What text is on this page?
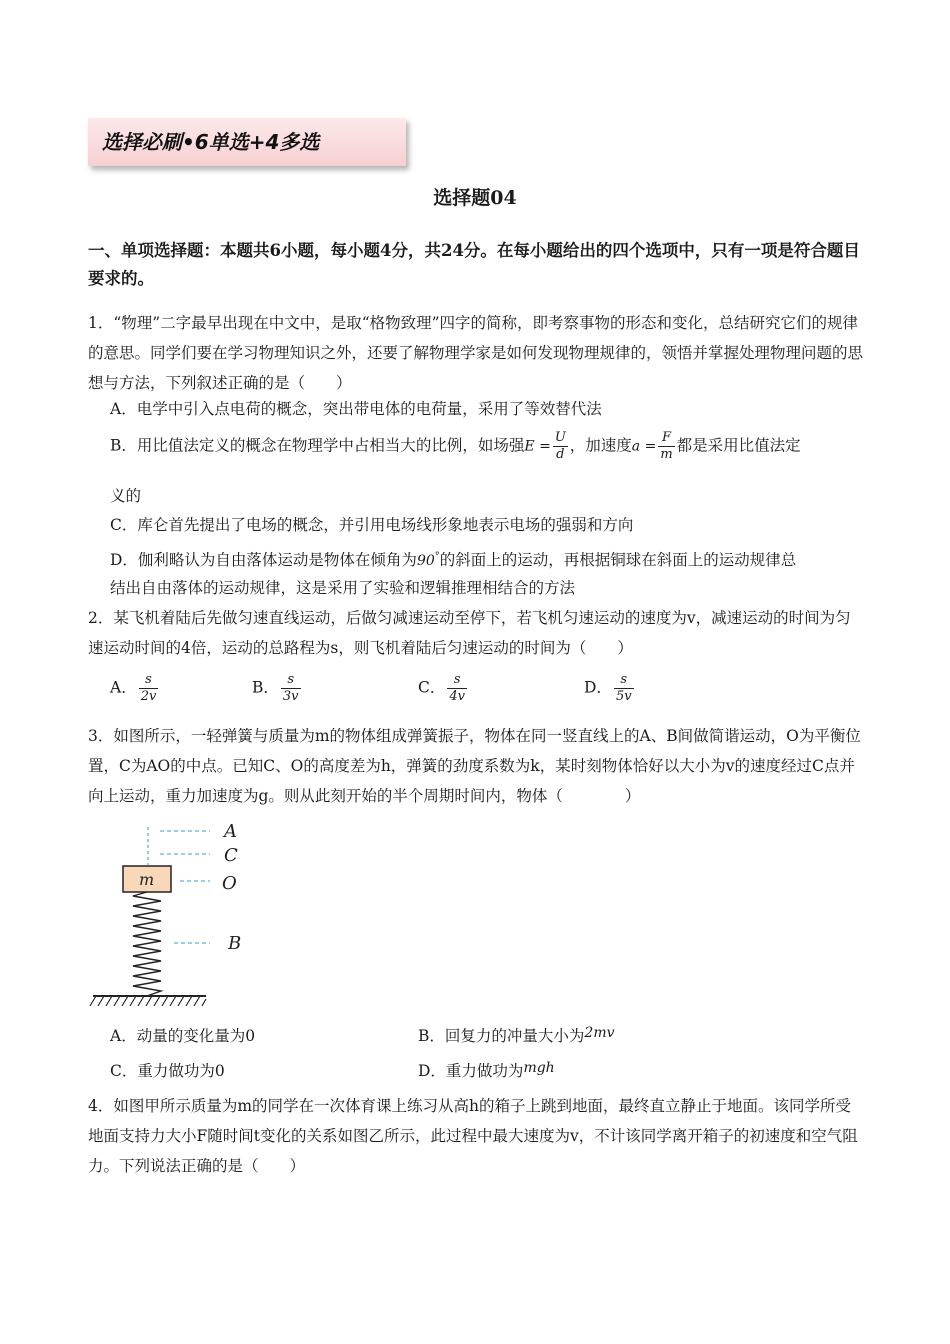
选择必刷•6单选+4多选
选择题04
一、单项选择题：本题共6小题，每小题4分，共24分。在每小题给出的四个选项中，只有一项是符合题目要求的。
1．“物理”二字最早出现在中文中，是取“格物致理”四字的简称，即考察事物的形态和变化，总结研究它们的规律的意思。同学们要在学习物理知识之外，还要了解物理学家是如何发现物理规律的，领悟并掌握处理物理问题的思想与方法，下列叙述正确的是（　　）
A．电学中引入点电荷的概念，突出带电体的电荷量，采用了等效替代法
B．用比值法定义的概念在物理学中占相当大的比例，如场强$E = \frac{U}{d}$ ，加速度$a = \frac{F}{m}$ 都是采用比值法定
义的
C．库仑首先提出了电场的概念，并引用电场线形象地表示电场的强弱和方向
D．伽利略认为自由落体运动是物体在倾角为90°的斜面上的运动，再根据铜球在斜面上的运动规律总
结出自由落体的运动规律，这是采用了实验和逻辑推理相结合的方法
2．某飞机着陆后先做匀速直线运动，后做匀减速运动至停下，若飞机匀速运动的速度为v，减速运动的时间为匀速运动时间的4倍，运动的总路程为s，则飞机着陆后匀速运动的时间为（　　）
A． $\frac{s}{2v}$	B． $\frac{s}{3v}$	C． $\frac{s}{4v}$	D． $\frac{s}{5v}$
3．如图所示，一轻弹簧与质量为m的物体组成弹簧振子，物体在同一竖直线上的A、B间做简谐运动，O为平衡位置，C为AO的中点。已知C、O的高度差为h，弹簧的劲度系数为k，某时刻物体恰好以大小为v的速度经过C点并向上运动，重力加速度为g。则从此刻开始的半个周期时间内，物体（　　　　）
A
C
O
B
m
A．动量的变化量为0	B．回复力的冲量大小为2mv
C．重力做功为0	D．重力做功为mgh
4．如图甲所示质量为m的同学在一次体育课上练习从高h的箱子上跳到地面，最终直立静止于地面。该同学所受地面支持力大小F随时间t变化的关系如图乙所示，此过程中最大速度为v，不计该同学离开箱子的初速度和空气阻力。下列说法正确的是（　　）
